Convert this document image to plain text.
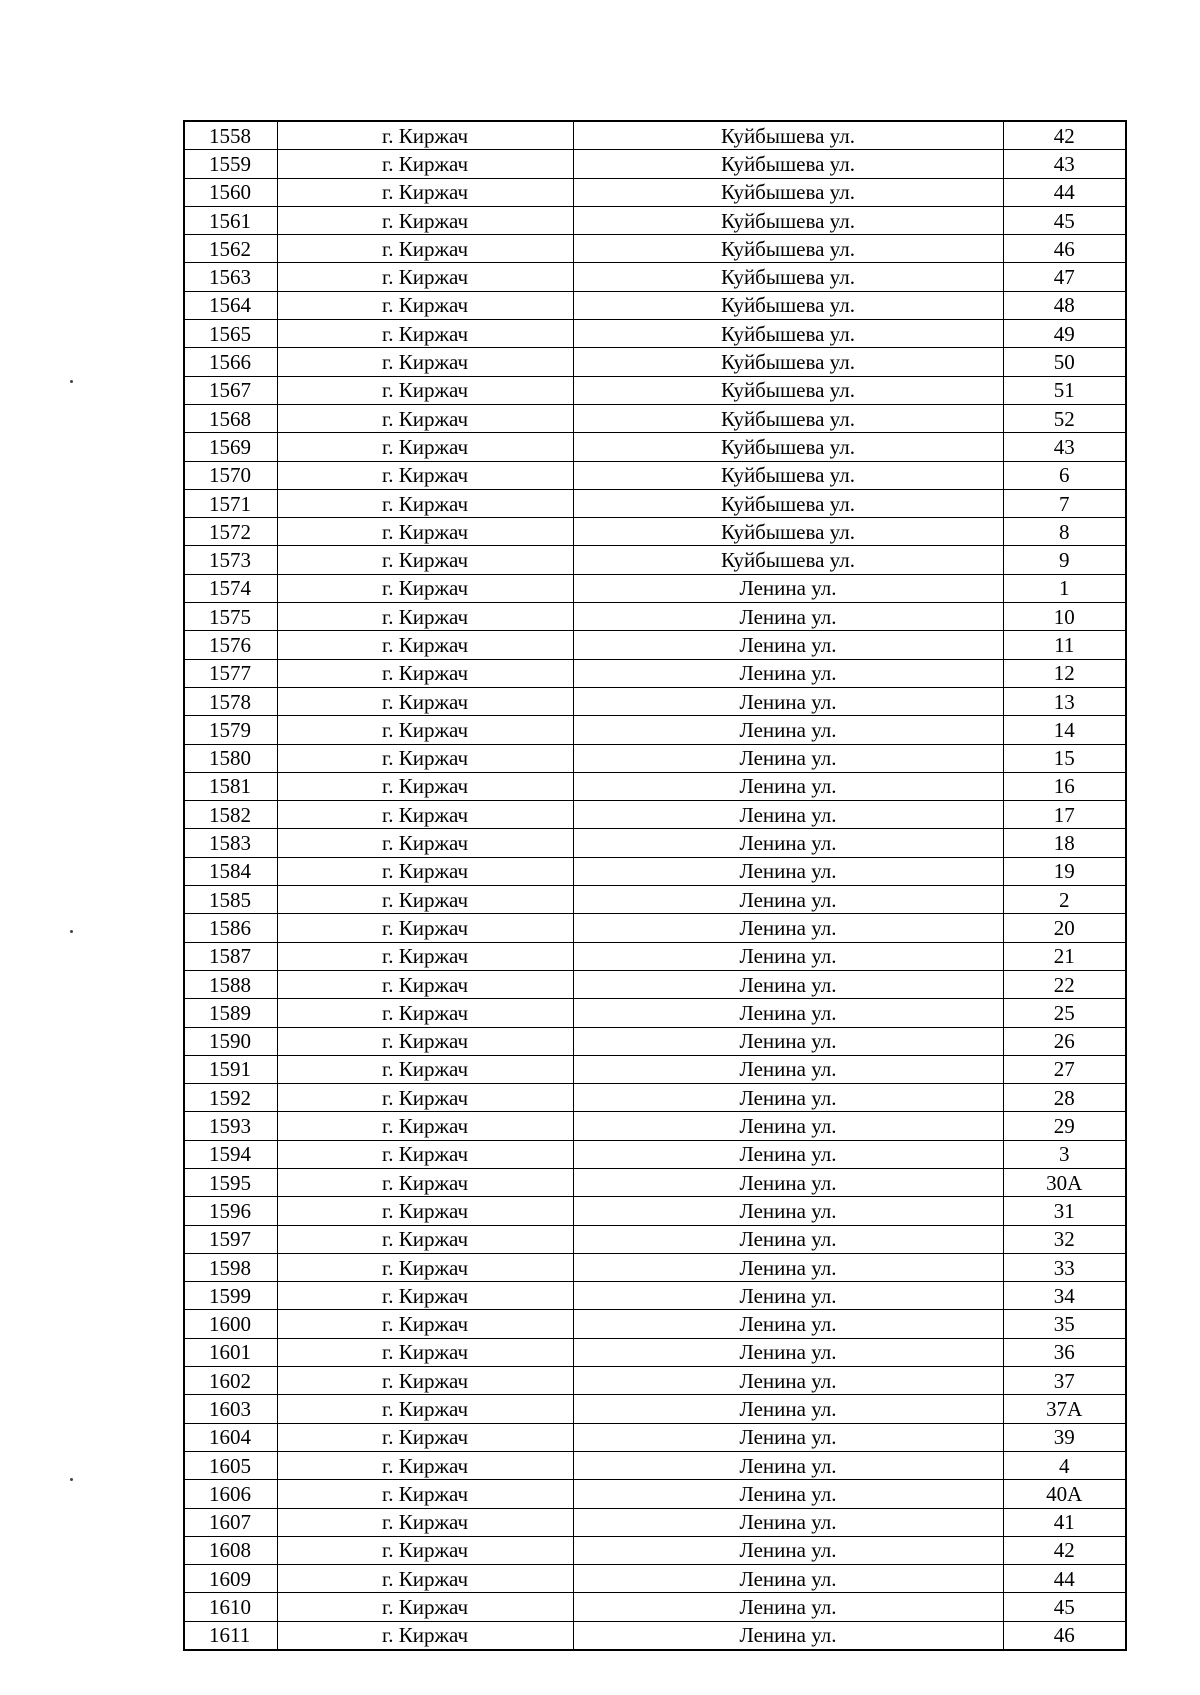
1558	г. Киржач	Куйбышева ул.	42
1559	г. Киржач	Куйбышева ул.	43
1560	г. Киржач	Куйбышева ул.	44
1561	г. Киржач	Куйбышева ул.	45
1562	г. Киржач	Куйбышева ул.	46
1563	г. Киржач	Куйбышева ул.	47
1564	г. Киржач	Куйбышева ул.	48
1565	г. Киржач	Куйбышева ул.	49
1566	г. Киржач	Куйбышева ул.	50
1567	г. Киржач	Куйбышева ул.	51
1568	г. Киржач	Куйбышева ул.	52
1569	г. Киржач	Куйбышева ул.	43
1570	г. Киржач	Куйбышева ул.	6
1571	г. Киржач	Куйбышева ул.	7
1572	г. Киржач	Куйбышева ул.	8
1573	г. Киржач	Куйбышева ул.	9
1574	г. Киржач	Ленина ул.	1
1575	г. Киржач	Ленина ул.	10
1576	г. Киржач	Ленина ул.	11
1577	г. Киржач	Ленина ул.	12
1578	г. Киржач	Ленина ул.	13
1579	г. Киржач	Ленина ул.	14
1580	г. Киржач	Ленина ул.	15
1581	г. Киржач	Ленина ул.	16
1582	г. Киржач	Ленина ул.	17
1583	г. Киржач	Ленина ул.	18
1584	г. Киржач	Ленина ул.	19
1585	г. Киржач	Ленина ул.	2
1586	г. Киржач	Ленина ул.	20
1587	г. Киржач	Ленина ул.	21
1588	г. Киржач	Ленина ул.	22
1589	г. Киржач	Ленина ул.	25
1590	г. Киржач	Ленина ул.	26
1591	г. Киржач	Ленина ул.	27
1592	г. Киржач	Ленина ул.	28
1593	г. Киржач	Ленина ул.	29
1594	г. Киржач	Ленина ул.	3
1595	г. Киржач	Ленина ул.	30А
1596	г. Киржач	Ленина ул.	31
1597	г. Киржач	Ленина ул.	32
1598	г. Киржач	Ленина ул.	33
1599	г. Киржач	Ленина ул.	34
1600	г. Киржач	Ленина ул.	35
1601	г. Киржач	Ленина ул.	36
1602	г. Киржач	Ленина ул.	37
1603	г. Киржач	Ленина ул.	37А
1604	г. Киржач	Ленина ул.	39
1605	г. Киржач	Ленина ул.	4
1606	г. Киржач	Ленина ул.	40А
1607	г. Киржач	Ленина ул.	41
1608	г. Киржач	Ленина ул.	42
1609	г. Киржач	Ленина ул.	44
1610	г. Киржач	Ленина ул.	45
1611	г. Киржач	Ленина ул.	46
